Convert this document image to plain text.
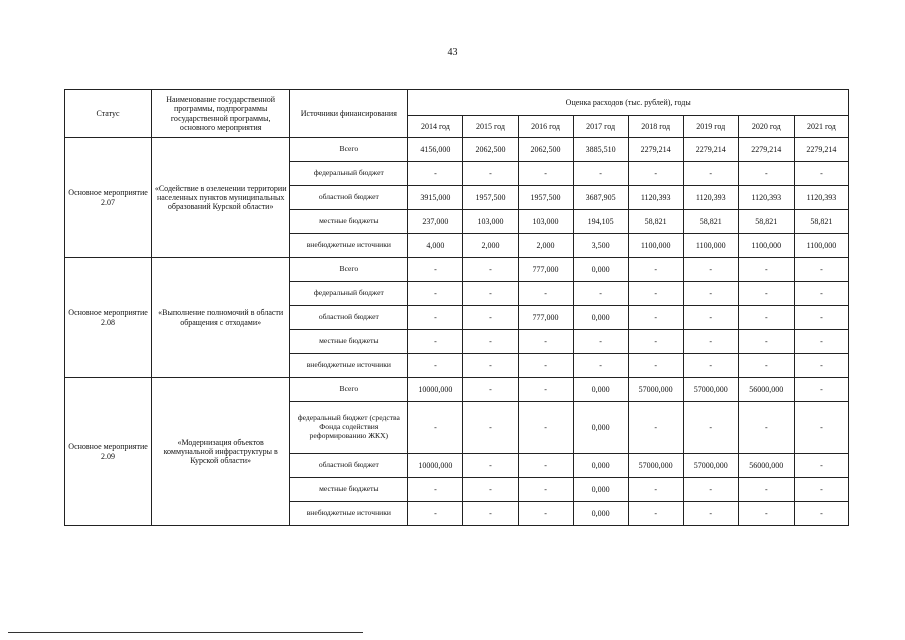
43
Статус	Наименование государственной программы, подпрограммы государственной программы, основного мероприятия	Источники финансирования	Оценка расходов (тыс. рублей), годы							
			2014 год	2015 год	2016 год	2017 год	2018 год	2019 год	2020 год	2021 год
Основное мероприятие 2.07	«Содействие в озеленении территории населенных пунктов муниципальных образований Курской области»	Всего	4156,000	2062,500	2062,500	3885,510	2279,214	2279,214	2279,214	2279,214
		федеральный бюджет	-	-	-	-	-	-	-	-
		областной бюджет	3915,000	1957,500	1957,500	3687,905	1120,393	1120,393	1120,393	1120,393
		местные бюджеты	237,000	103,000	103,000	194,105	58,821	58,821	58,821	58,821
		внебюджетные источники	4,000	2,000	2,000	3,500	1100,000	1100,000	1100,000	1100,000
Основное мероприятие 2.08	«Выполнение полномочий в области обращения с отходами»	Всего	-	-	777,000	0,000	-	-	-	-
		федеральный бюджет	-	-	-	-	-	-	-	-
		областной бюджет	-	-	777,000	0,000	-	-	-	-
		местные бюджеты	-	-	-	-	-	-	-	-
		внебюджетные источники	-	-	-	-	-	-	-	-
Основное мероприятие 2.09	«Модернизация объектов коммунальной инфраструктуры в Курской области»	Всего	10000,000	-	-	0,000	57000,000	57000,000	56000,000	-
		федеральный бюджет (средства Фонда содействия реформированию ЖКХ)	-	-	-	0,000	-	-	-	-
		областной бюджет	10000,000	-	-	0,000	57000,000	57000,000	56000,000	-
		местные бюджеты	-	-	-	0,000	-	-	-	-
		внебюджетные источники	-	-	-	0,000	-	-	-	-
